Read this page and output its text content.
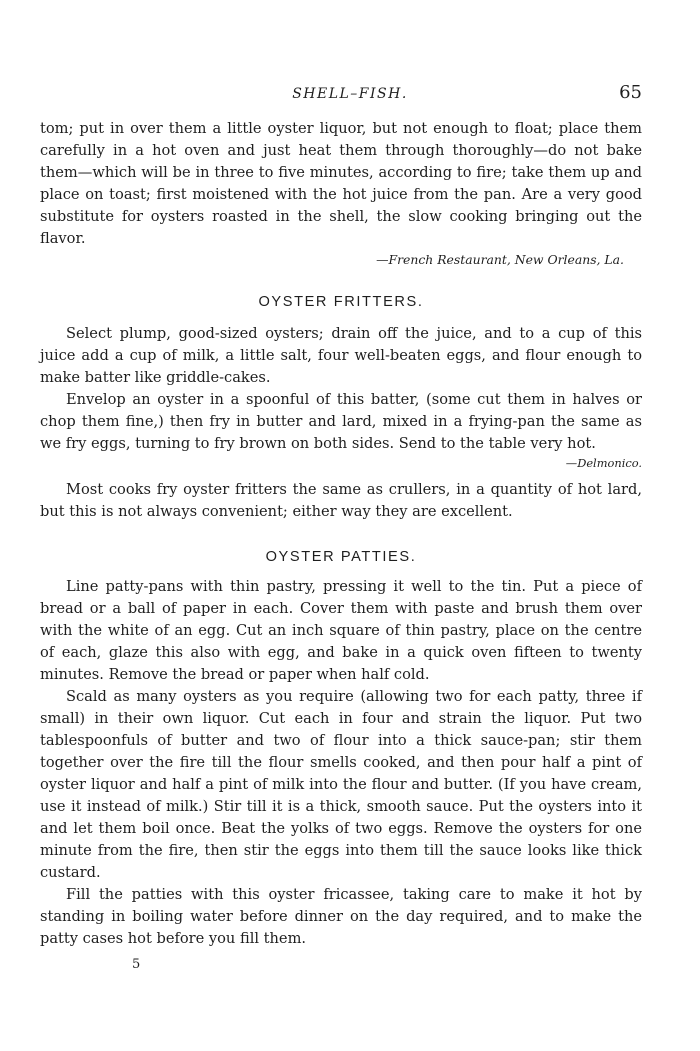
SHELL–FISH.	65

tom; put in over them a little oyster liquor, but not enough to float; place them carefully in a hot oven and just heat them through thoroughly—do not bake them—which will be in three to five minutes, according to fire; take them up and place on toast; first moistened with the hot juice from the pan. Are a very good substitute for oysters roasted in the shell, the slow cooking bringing out the flavor.

—French Restaurant, New Orleans, La.

OYSTER FRITTERS.

Select plump, good-sized oysters; drain off the juice, and to a cup of this juice add a cup of milk, a little salt, four well-beaten eggs, and flour enough to make batter like griddle-cakes.

Envelop an oyster in a spoonful of this batter, (some cut them in halves or chop them fine,) then fry in butter and lard, mixed in a frying-pan the same as we fry eggs, turning to fry brown on both sides. Send to the table very hot.

—Delmonico.

Most cooks fry oyster fritters the same as crullers, in a quantity of hot lard, but this is not always convenient; either way they are excellent.

OYSTER PATTIES.

Line patty-pans with thin pastry, pressing it well to the tin. Put a piece of bread or a ball of paper in each. Cover them with paste and brush them over with the white of an egg. Cut an inch square of thin pastry, place on the centre of each, glaze this also with egg, and bake in a quick oven fifteen to twenty minutes. Remove the bread or paper when half cold.

Scald as many oysters as you require (allowing two for each patty, three if small) in their own liquor. Cut each in four and strain the liquor. Put two tablespoonfuls of butter and two of flour into a thick sauce-pan; stir them together over the fire till the flour smells cooked, and then pour half a pint of oyster liquor and half a pint of milk into the flour and butter. (If you have cream, use it instead of milk.) Stir till it is a thick, smooth sauce. Put the oysters into it and let them boil once. Beat the yolks of two eggs. Remove the oysters for one minute from the fire, then stir the eggs into them till the sauce looks like thick custard.

Fill the patties with this oyster fricassee, taking care to make it hot by standing in boiling water before dinner on the day required, and to make the patty cases hot before you fill them.

5
